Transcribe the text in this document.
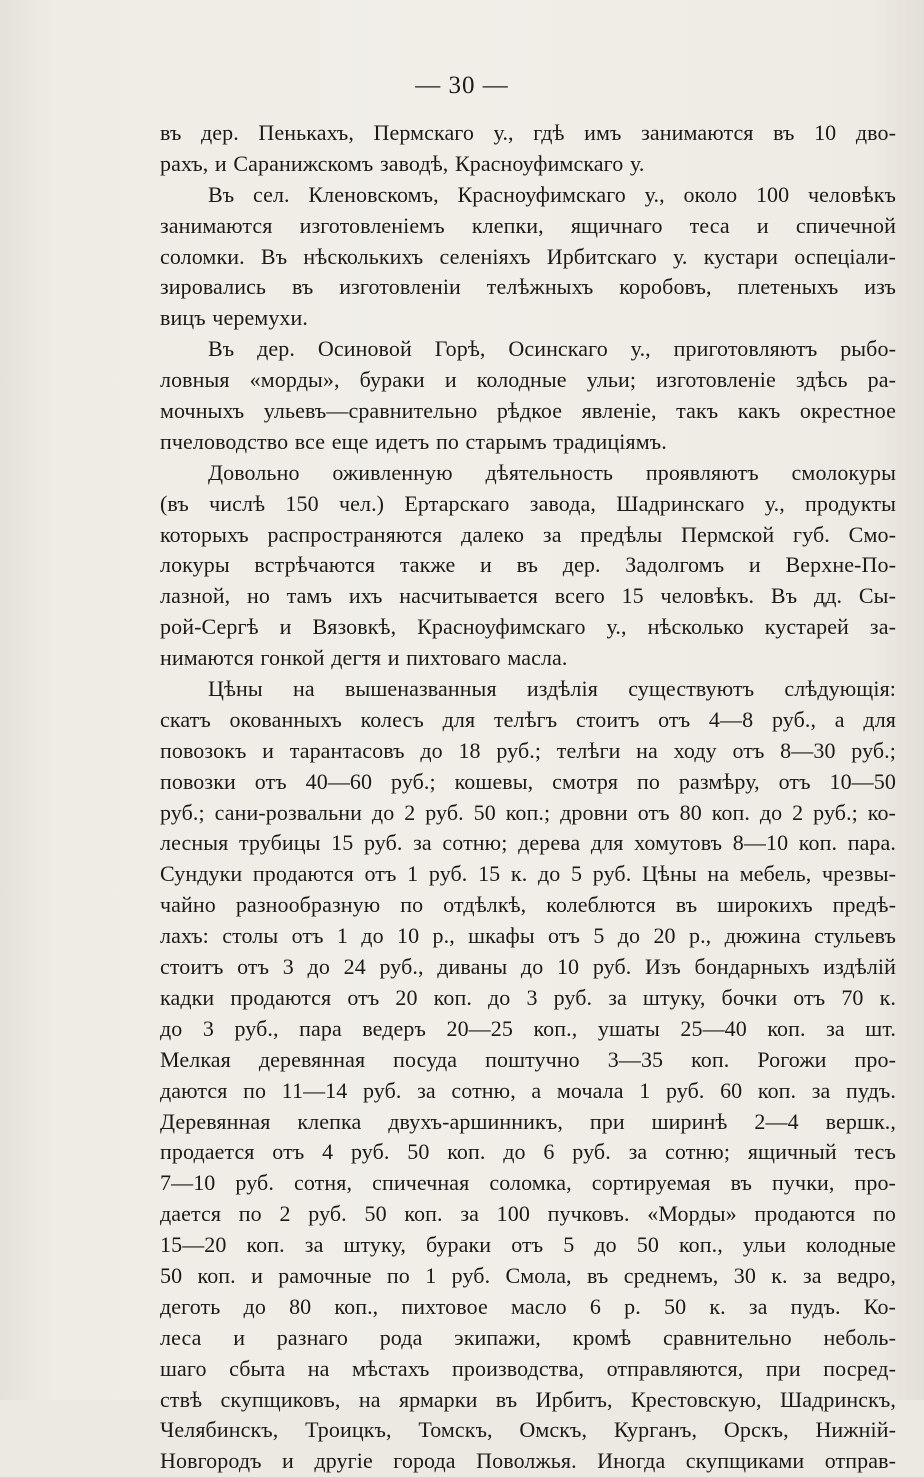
— 30 —
въ дер. Пенькахъ, Пермскаго у., гдѣ имъ занимаются въ 10 дво-
рахъ, и Саранижскомъ заводѣ, Красноуфимскаго у.
Въ сел. Кленовскомъ, Красноуфимскаго у., около 100 человѣкъ
занимаются изготовленіемъ клепки, ящичнаго теса и спичечной
соломки. Въ нѣсколькихъ селеніяхъ Ирбитскаго у. кустари оспеціали-
зировались въ изготовленіи телѣжныхъ коробовъ, плетеныхъ изъ
вицъ черемухи.
Въ дер. Осиновой Горѣ, Осинскаго у., приготовляютъ рыбо-
ловныя «морды», бураки и колодные ульи; изготовленіе здѣсь ра-
мочныхъ ульевъ—сравнительно рѣдкое явленіе, такъ какъ окрестное
пчеловодство все еще идетъ по старымъ традиціямъ.
Довольно оживленную дѣятельность проявляютъ смолокуры
(въ числѣ 150 чел.) Ертарскаго завода, Шадринскаго у., продукты
которыхъ распространяются далеко за предѣлы Пермской губ. Смо-
локуры встрѣчаются также и въ дер. Задолгомъ и Верхне-По-
лазной, но тамъ ихъ насчитывается всего 15 человѣкъ. Въ дд. Сы-
рой-Сергѣ и Вязовкѣ, Красноуфимскаго у., нѣсколько кустарей за-
нимаются гонкой дегтя и пихтоваго масла.
Цѣны на вышеназванныя издѣлія существуютъ слѣдующія:
скатъ окованныхъ колесъ для телѣгъ стоитъ отъ 4—8 руб., а для
повозокъ и тарантасовъ до 18 руб.; телѣги на ходу отъ 8—30 руб.;
повозки отъ 40—60 руб.; кошевы, смотря по размѣру, отъ 10—50
руб.; сани-розвальни до 2 руб. 50 коп.; дровни отъ 80 коп. до 2 руб.; ко-
лесныя трубицы 15 руб. за сотню; дерева для хомутовъ 8—10 коп. пара.
Сундуки продаются отъ 1 руб. 15 к. до 5 руб. Цѣны на мебель, чрезвы-
чайно разнообразную по отдѣлкѣ, колеблются въ широкихъ предѣ-
лахъ: столы отъ 1 до 10 р., шкафы отъ 5 до 20 р., дюжина стульевъ
стоитъ отъ 3 до 24 руб., диваны до 10 руб. Изъ бондарныхъ издѣлій
кадки продаются отъ 20 коп. до 3 руб. за штуку, бочки отъ 70 к.
до 3 руб., пара ведеръ 20—25 коп., ушаты 25—40 коп. за шт.
Мелкая деревянная посуда поштучно 3—35 коп. Рогожи про-
даются по 11—14 руб. за сотню, а мочала 1 руб. 60 коп. за пудъ.
Деревянная клепка двухъ-аршинникъ, при ширинѣ 2—4 вершк.,
продается отъ 4 руб. 50 коп. до 6 руб. за сотню; ящичный тесъ
7—10 руб. сотня, спичечная соломка, сортируемая въ пучки, про-
дается по 2 руб. 50 коп. за 100 пучковъ. «Морды» продаются по
15—20 коп. за штуку, бураки отъ 5 до 50 коп., ульи колодные
50 коп. и рамочные по 1 руб. Смола, въ среднемъ, 30 к. за ведро,
деготь до 80 коп., пихтовое масло 6 р. 50 к. за пудъ. Ко-
леса и разнаго рода экипажи, кромѣ сравнительно неболь-
шаго сбыта на мѣстахъ производства, отправляются, при посред-
ствѣ скупщиковъ, на ярмарки въ Ирбитъ, Крестовскую, Шадринскъ,
Челябинскъ, Троицкъ, Томскъ, Омскъ, Курганъ, Орскъ, Нижній-
Новгородъ и другіе города Поволжья. Иногда скупщиками отправ-
